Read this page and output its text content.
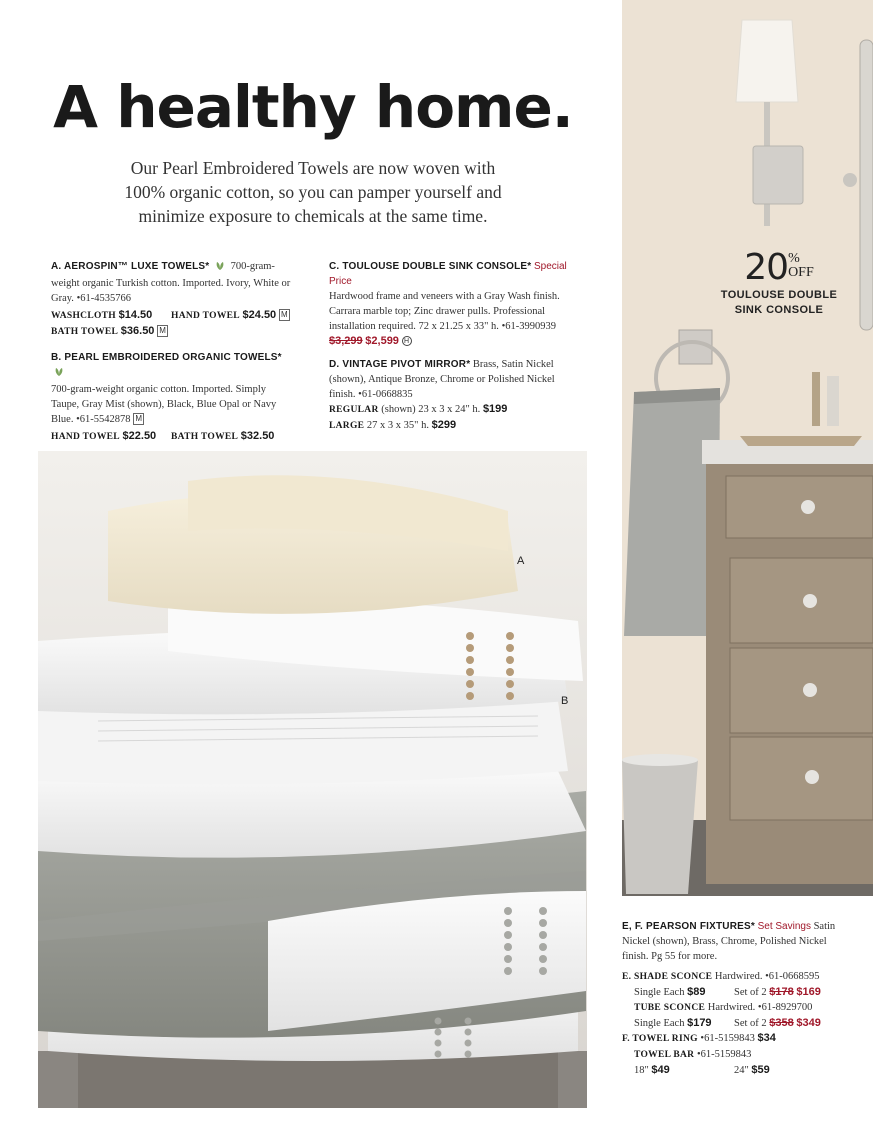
A healthy home.
Our Pearl Embroidered Towels are now woven with
100% organic cotton, so you can pamper yourself and
minimize exposure to chemicals at the same time.
A. AEROSPIN™ LUXE TOWELS* 700-gram-weight organic Turkish cotton. Imported. Ivory, White or Gray. •61-4535766
WASHCLOTH $14.50	HAND TOWEL $24.50 M
BATH TOWEL $36.50 M
B. PEARL EMBROIDERED ORGANIC TOWELS*
700-gram-weight organic cotton. Imported. Simply Taupe, Gray Mist (shown), Black, Blue Opal or Navy Blue. •61-5542878 M
HAND TOWEL $22.50	BATH TOWEL $32.50
C. TOULOUSE DOUBLE SINK CONSOLE* Special Price
Hardwood frame and veneers with a Gray Wash finish. Carrara marble top; Zinc drawer pulls. Professional installation required. 72 x 21.25 x 33" h. •61-3990939
$3,299 $2,599 H
D. VINTAGE PIVOT MIRROR* Brass, Satin Nickel (shown), Antique Bronze, Chrome or Polished Nickel finish. •61-0668835
REGULAR (shown) 23 x 3 x 24" h. $199
LARGE 27 x 3 x 35" h. $299
A
B
20%
OFF
TOULOUSE DOUBLE
SINK CONSOLE
E, F. PEARSON FIXTURES* Set Savings Satin Nickel (shown), Brass, Chrome, Polished Nickel finish. Pg 55 for more.
E. SHADE SCONCE Hardwired. •61-0668595
Single Each $89	Set of 2 $178 $169
TUBE SCONCE Hardwired. •61-8929700
Single Each $179	Set of 2 $358 $349
F. TOWEL RING •61-5159843 $34
TOWEL BAR •61-5159843
18" $49	24" $59
